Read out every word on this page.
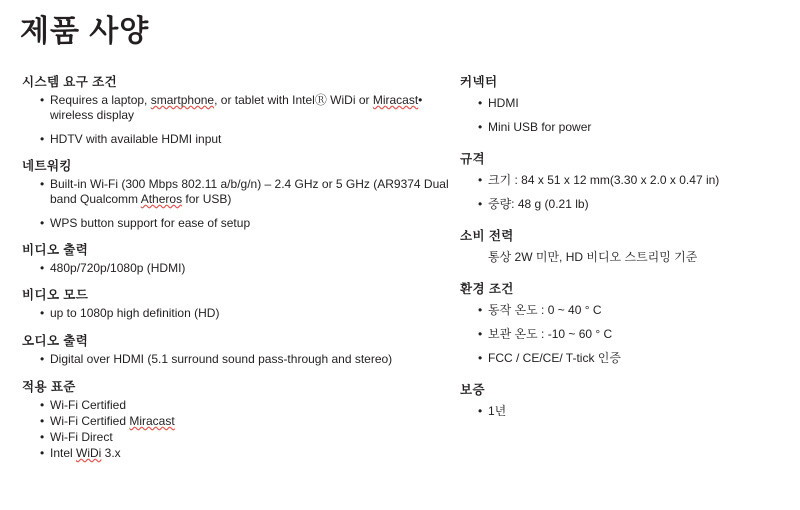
제품 사양
시스템 요구 조건
• Requires a laptop, smartphone, or tablet with IntelⓇ WiDi or Miracast• wireless display
• HDTV with available HDMI input
네트워킹
• Built-in Wi-Fi (300 Mbps 802.11 a/b/g/n) – 2.4 GHz or 5 GHz (AR9374 Dual band Qualcomm Atheros for USB)
• WPS button support for ease of setup
비디오 출력
• 480p/720p/1080p (HDMI)
비디오 모드
• up to 1080p high definition (HD)
오디오 출력
• Digital over HDMI (5.1 surround sound pass-through and stereo)
적용 표준
• Wi-Fi Certified
• Wi-Fi Certified Miracast
• Wi-Fi Direct
• Intel WiDi 3.x
커넥터
• HDMI
• Mini USB for power
규격
• 크기 : 84 x 51 x 12 mm(3.30 x 2.0 x 0.47 in)
• 중량: 48 g (0.21 lb)
소비 전력
통상 2W 미만, HD 비디오 스트리밍 기준
환경 조건
• 동작 온도 : 0 ~ 40 ° C
• 보관 온도 : -10 ~ 60 ° C
• FCC / CE/CE/ T-tick 인증
보증
• 1년
